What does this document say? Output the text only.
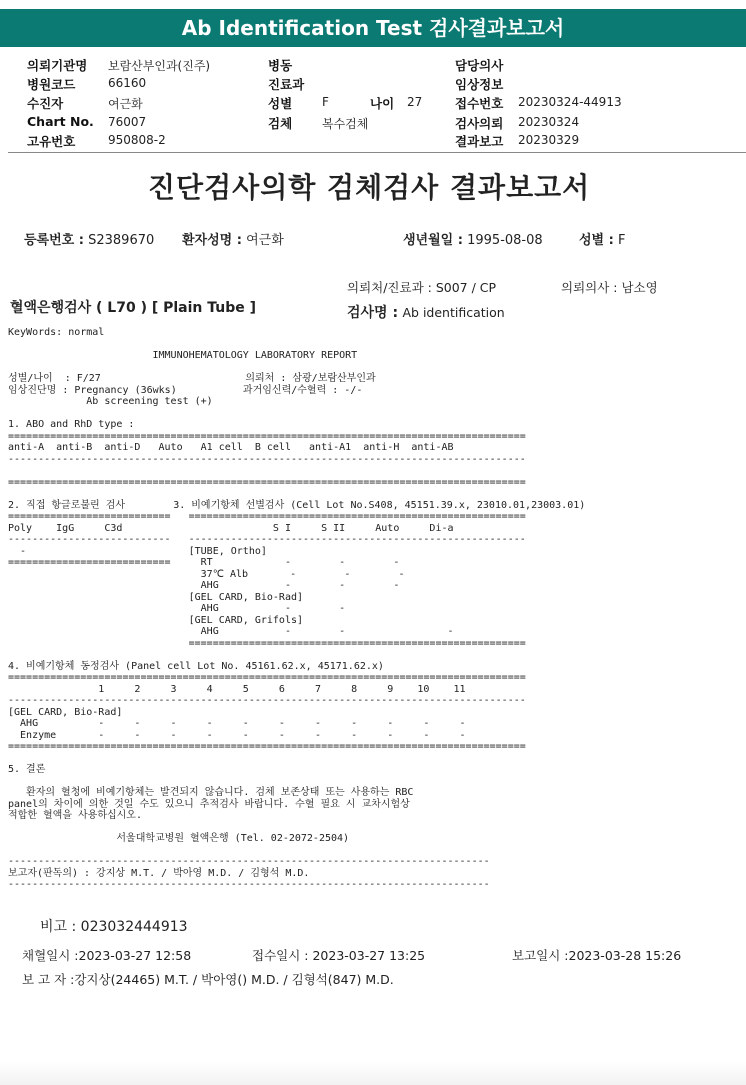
Ab Identification Test 검사결과보고서
의뢰기관명 보람산부인과(진주)
병원코드	66160
수진자	여근화
Chart No. 76007
고유번호	950808-2
병동
진료과
성별 F	나이 27
검체 복수검체
담당의사
임상정보
접수번호 20230324-44913
검사의뢰 20230324
결과보고 20230329
진단검사의학 검체검사 결과보고서
등록번호 : S2389670 환자성명 : 여근화	생년월일 : 1995-08-08	성별 : F
의뢰처/진료과 : S007 / CP	의뢰의사 : 남소영
혈액은행검사 ( L70 ) [ Plain Tube ]	검사명 : Ab identification
KeyWords: normal

IMMUNOHEMATOLOGY LABORATORY REPORT

성별/나이  : F/27                        의뢰처 : 삼광/보람산부인과
임상진단명 : Pregnancy (36wks)           과거임신력/수혈력 : -/-
Ab screening test (+)

1. ABO and RhD type :
======================================================================================
anti-A  anti-B  anti-D   Auto   A1 cell  B cell   anti-A1  anti-H  anti-AB
--------------------------------------------------------------------------------------

======================================================================================

2. 직접 항글로불린 검사        3. 비예기항체 선별검사 (Cell Lot No.S408, 45151.39.x, 23010.01,23003.01)
===========================   ========================================================
Poly    IgG     C3d                         S I     S II     Auto     Di-a
---------------------------   --------------------------------------------------------
-                           [TUBE, Ortho]
===========================     RT            -        -        -
37℃ Alb       -        -        -
AHG           -        -        -
[GEL CARD, Bio-Rad]
AHG           -        -
[GEL CARD, Grifols]
AHG           -        -                 -
========================================================

4. 비예기항체 동정검사 (Panel cell Lot No. 45161.62.x, 45171.62.x)
======================================================================================
1     2     3     4     5     6     7     8     9    10    11
--------------------------------------------------------------------------------------
[GEL CARD, Bio-Rad]
AHG          -     -     -     -     -     -     -     -     -     -     -
Enzyme       -     -     -     -     -     -     -     -     -     -     -
======================================================================================

5. 결론

환자의 혈청에 비예기항체는 발견되지 않습니다. 검체 보존상태 또는 사용하는 RBC
panel의 차이에 의한 것일 수도 있으니 추적검사 바랍니다. 수혈 필요 시 교차시험상
적합한 혈액을 사용하십시오.

서울대학교병원 혈액은행 (Tel. 02-2072-2504)

--------------------------------------------------------------------------------
보고자(판독의) : 강지상 M.T. / 박아영 M.D. / 김형석 M.D.
--------------------------------------------------------------------------------
비고 : 023032444913
채혈일시 :2023-03-27 12:58	접수일시 : 2023-03-27 13:25	보고일시 :2023-03-28 15:26
보 고 자 :강지상(24465) M.T. / 박아영() M.D. / 김형석(847) M.D.
